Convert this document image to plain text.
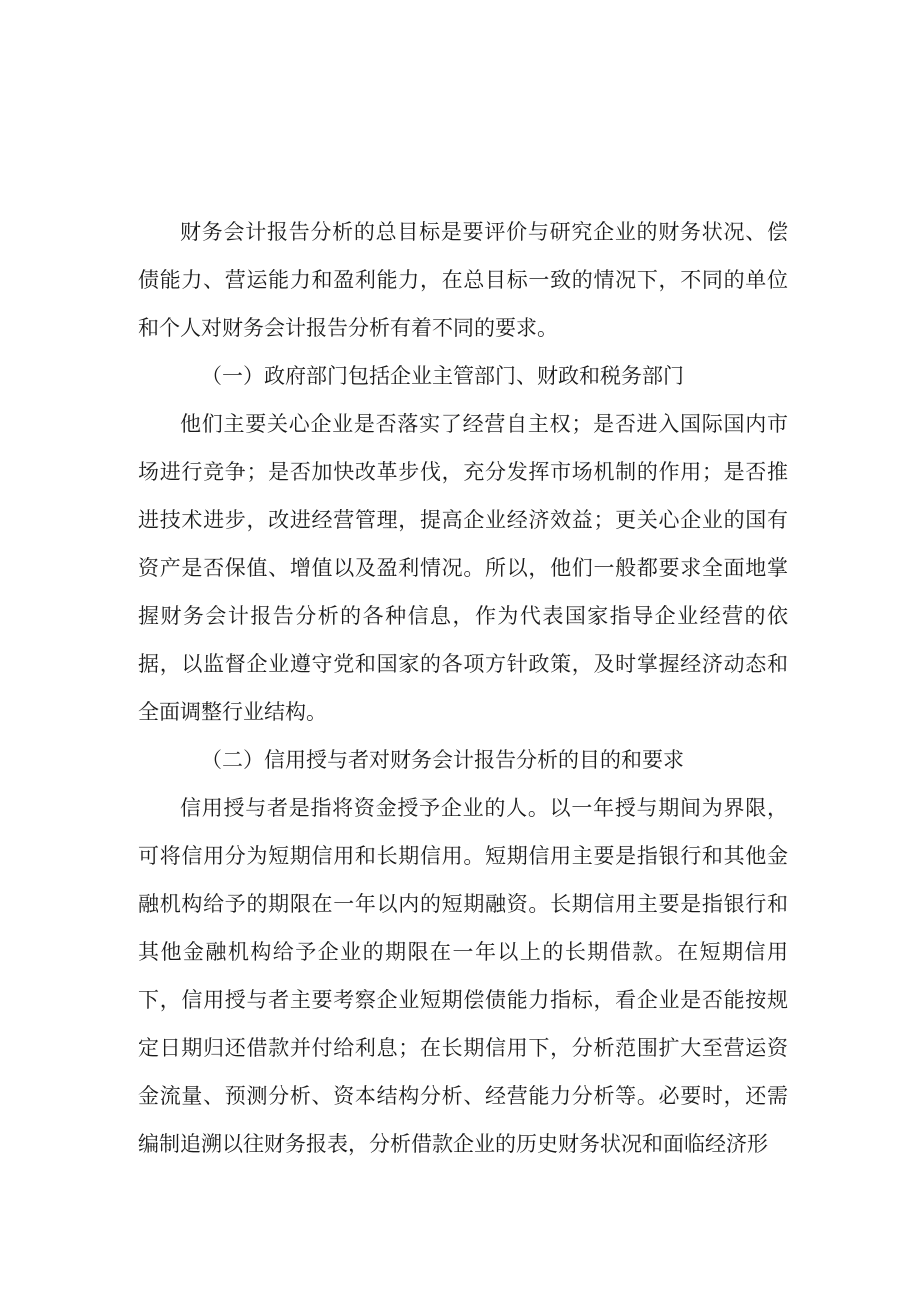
财务会计报告分析的总目标是要评价与研究企业的财务状况、偿债能力、营运能力和盈利能力，在总目标一致的情况下，不同的单位和个人对财务会计报告分析有着不同的要求。

（一）政府部门包括企业主管部门、财政和税务部门

他们主要关心企业是否落实了经营自主权；是否进入国际国内市场进行竞争；是否加快改革步伐，充分发挥市场机制的作用；是否推进技术进步，改进经营管理，提高企业经济效益；更关心企业的国有资产是否保值、增值以及盈利情况。所以，他们一般都要求全面地掌握财务会计报告分析的各种信息，作为代表国家指导企业经营的依据，以监督企业遵守党和国家的各项方针政策，及时掌握经济动态和全面调整行业结构。

（二）信用授与者对财务会计报告分析的目的和要求

信用授与者是指将资金授予企业的人。以一年授与期间为界限，可将信用分为短期信用和长期信用。短期信用主要是指银行和其他金融机构给予的期限在一年以内的短期融资。长期信用主要是指银行和其他金融机构给予企业的期限在一年以上的长期借款。在短期信用下，信用授与者主要考察企业短期偿债能力指标，看企业是否能按规定日期归还借款并付给利息；在长期信用下，分析范围扩大至营运资金流量、预测分析、资本结构分析、经营能力分析等。必要时，还需编制追溯以往财务报表，分析借款企业的历史财务状况和面临经济形
